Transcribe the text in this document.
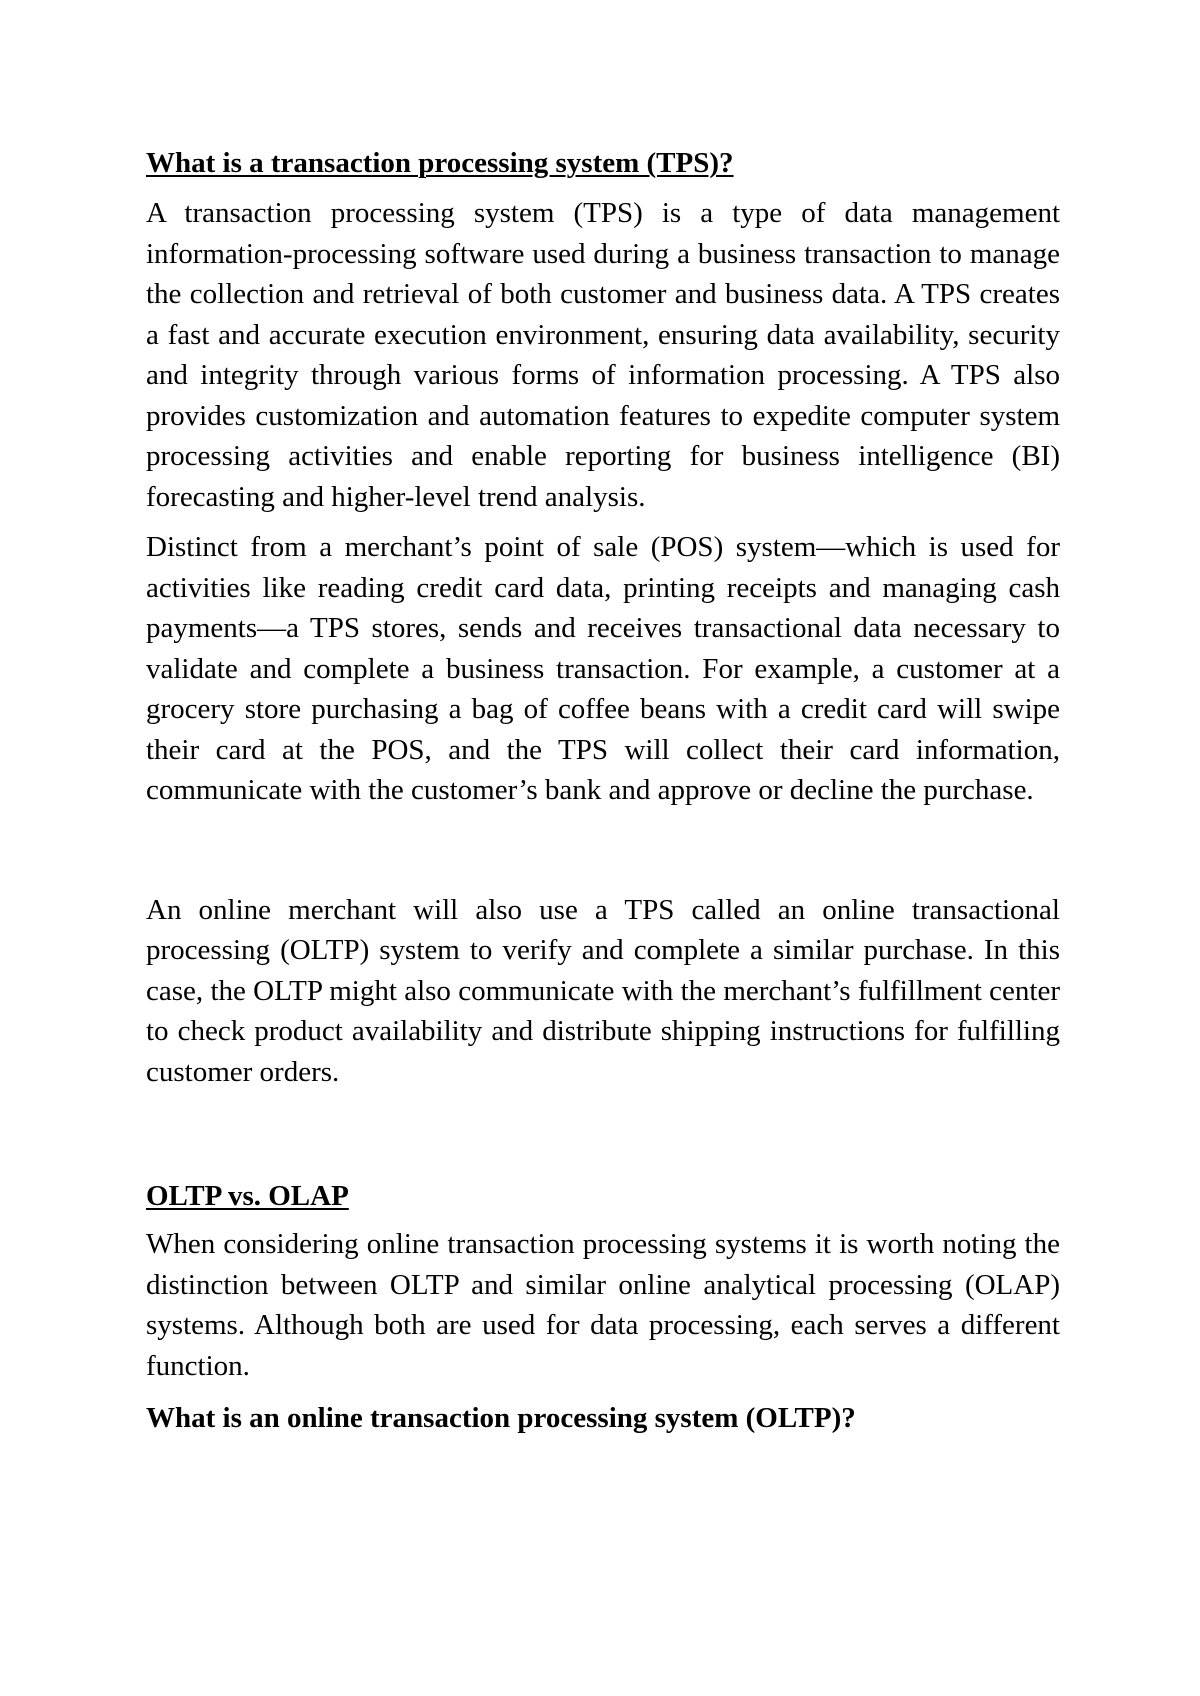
What is a transaction processing system (TPS)?

A transaction processing system (TPS) is a type of data management information-processing software used during a business transaction to manage the collection and retrieval of both customer and business data. A TPS creates a fast and accurate execution environment, ensuring data availability, security and integrity through various forms of information processing. A TPS also provides customization and automation features to expedite computer system processing activities and enable reporting for business intelligence (BI) forecasting and higher-level trend analysis.

Distinct from a merchant’s point of sale (POS) system—which is used for activities like reading credit card data, printing receipts and managing cash payments—a TPS stores, sends and receives transactional data necessary to validate and complete a business transaction. For example, a customer at a grocery store purchasing a bag of coffee beans with a credit card will swipe their card at the POS, and the TPS will collect their card information, communicate with the customer’s bank and approve or decline the purchase.

An online merchant will also use a TPS called an online transactional processing (OLTP) system to verify and complete a similar purchase. In this case, the OLTP might also communicate with the merchant’s fulfillment center to check product availability and distribute shipping instructions for fulfilling customer orders.

OLTP vs. OLAP

When considering online transaction processing systems it is worth noting the distinction between OLTP and similar online analytical processing (OLAP) systems. Although both are used for data processing, each serves a different function.

What is an online transaction processing system (OLTP)?
